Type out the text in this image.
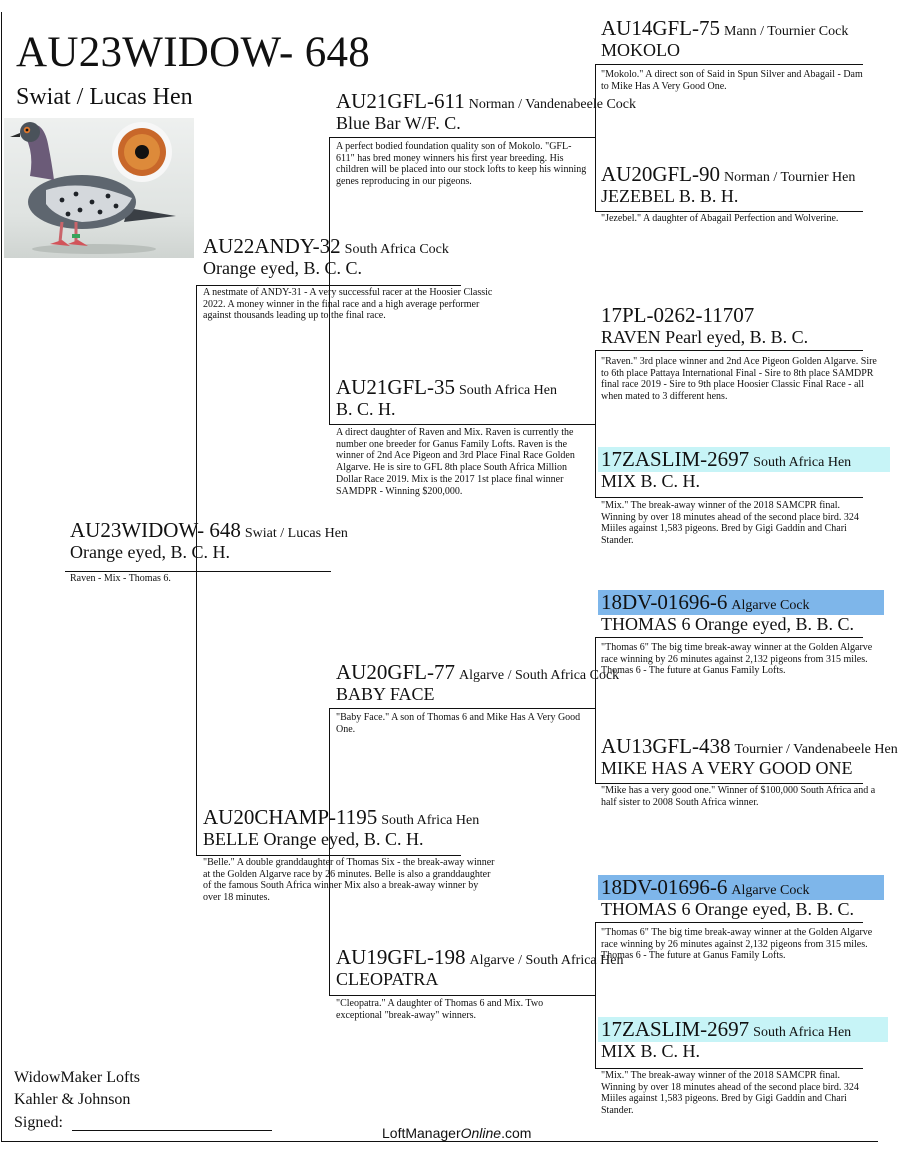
AU23WIDOW- 648
Swiat / Lucas Hen
AU23WIDOW- 648 Swiat / Lucas Hen
Orange eyed, B. C. H.
Raven - Mix - Thomas 6.
AU22ANDY-32 South Africa Cock
Orange eyed, B. C. C.
A nestmate of ANDY-31 - A very successful racer at the Hoosier Classic 2022. A money winner in the final race and a high average performer against thousands leading up to the final race.
AU20CHAMP-1195 South Africa Hen
BELLE Orange eyed, B. C. H.
"Belle." A double granddaughter of Thomas Six - the break-away winner at the Golden Algarve race by 26 minutes. Belle is also a granddaughter of the famous South Africa winner Mix also a break-away winner by over 18 minutes.
AU21GFL-611 Norman / Vandenabeele Cock
Blue Bar W/F. C.
A perfect bodied foundation quality son of Mokolo. "GFL-611" has bred money winners his first year breeding. His children will be placed into our stock lofts to keep his winning genes reproducing in our pigeons.
AU21GFL-35 South Africa Hen
B. C. H.
A direct daughter of Raven and Mix. Raven is currently the number one breeder for Ganus Family Lofts. Raven is the winner of 2nd Ace Pigeon and 3rd Place Final Race Golden Algarve. He is sire to GFL 8th place South Africa Million Dollar Race 2019. Mix is the 2017 1st place final winner SAMDPR - Winning $200,000.
AU20GFL-77 Algarve / South Africa Cock
BABY FACE
"Baby Face." A son of Thomas 6 and Mike Has A Very Good One.
AU19GFL-198 Algarve / South Africa Hen
CLEOPATRA
"Cleopatra." A daughter of Thomas 6 and Mix. Two exceptional "break-away" winners.
AU14GFL-75 Mann / Tournier Cock
MOKOLO
"Mokolo." A direct son of Said in Spun Silver and Abagail - Dam to Mike Has A Very Good One.
AU20GFL-90 Norman / Tournier Hen
JEZEBEL B. B. H.
"Jezebel." A daughter of Abagail Perfection and Wolverine.
17PL-0262-11707
RAVEN Pearl eyed, B. B. C.
"Raven." 3rd place winner and 2nd Ace Pigeon Golden Algarve. Sire to 6th place Pattaya International Final - Sire to 8th place SAMDPR final race 2019 - Sire to 9th place Hoosier Classic Final Race - all when mated to 3 different hens.
17ZASLIM-2697 South Africa Hen
MIX B. C. H.
"Mix." The break-away winner of the 2018 SAMCPR final. Winning by over 18 minutes ahead of the second place bird. 324 Miiles against 1,583 pigeons. Bred by Gigi Gaddin and Chari Stander.
18DV-01696-6 Algarve Cock
THOMAS 6 Orange eyed, B. B. C.
"Thomas 6" The big time break-away winner at the Golden Algarve race winning by 26 minutes against 2,132 pigeons from 315 miles. Thomas 6 - The future at Ganus Family Lofts.
AU13GFL-438 Tournier / Vandenabeele Hen
MIKE HAS A VERY GOOD ONE
"Mike has a very good one." Winner of $100,000 South Africa and a half sister to 2008 South Africa winner.
18DV-01696-6 Algarve Cock
THOMAS 6 Orange eyed, B. B. C.
"Thomas 6" The big time break-away winner at the Golden Algarve race winning by 26 minutes against 2,132 pigeons from 315 miles. Thomas 6 - The future at Ganus Family Lofts.
17ZASLIM-2697 South Africa Hen
MIX B. C. H.
"Mix." The break-away winner of the 2018 SAMCPR final. Winning by over 18 minutes ahead of the second place bird. 324 Miiles against 1,583 pigeons. Bred by Gigi Gaddin and Chari Stander.
WidowMaker Lofts
Kahler & Johnson
Signed:
LoftManagerOnline.com
